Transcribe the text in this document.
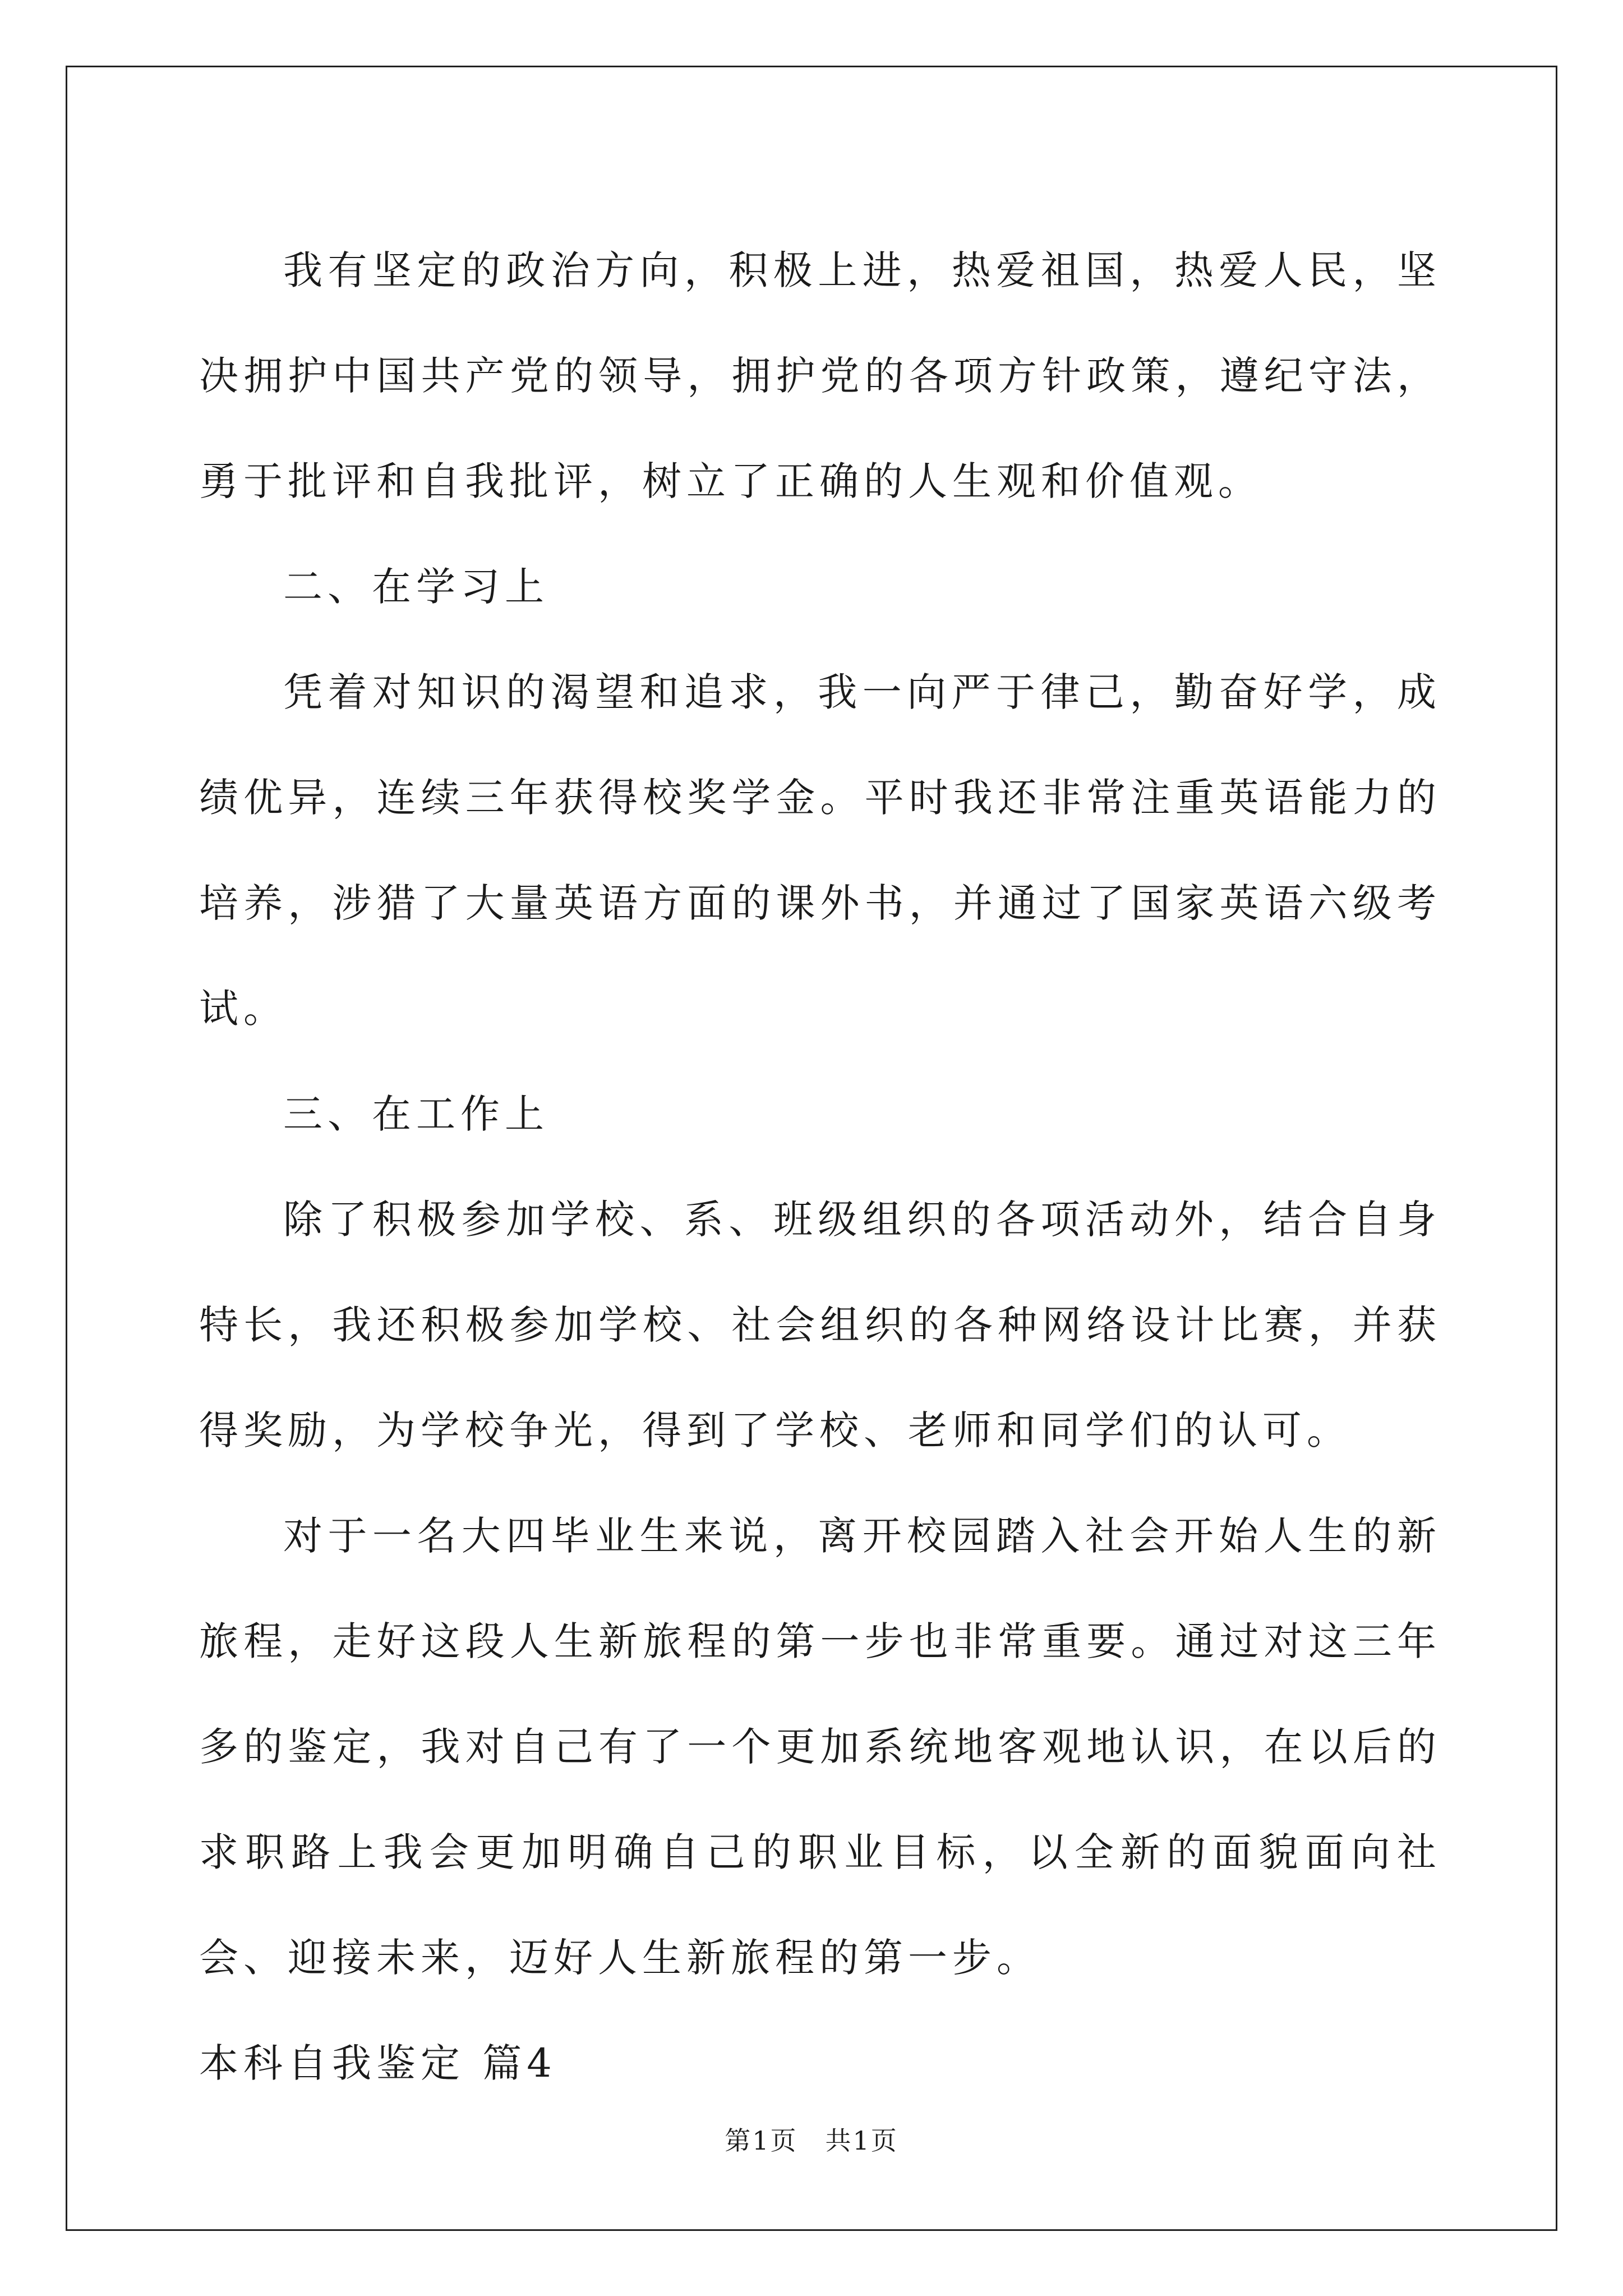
我有坚定的政治方向，积极上进，热爱祖国，热爱人民，坚决拥护中国共产党的领导，拥护党的各项方针政策，遵纪守法，勇于批评和自我批评，树立了正确的人生观和价值观。

二、在学习上

凭着对知识的渴望和追求，我一向严于律己，勤奋好学，成绩优异，连续三年获得校奖学金。平时我还非常注重英语能力的培养，涉猎了大量英语方面的课外书，并通过了国家英语六级考试。

三、在工作上

除了积极参加学校、系、班级组织的各项活动外，结合自身特长，我还积极参加学校、社会组织的各种网络设计比赛，并获得奖励，为学校争光，得到了学校、老师和同学们的认可。

对于一名大四毕业生来说，离开校园踏入社会开始人生的新旅程，走好这段人生新旅程的第一步也非常重要。通过对这三年多的鉴定，我对自己有了一个更加系统地客观地认识，在以后的求职路上我会更加明确自己的职业目标，以全新的面貌面向社会、迎接未来，迈好人生新旅程的第一步。

本科自我鉴定 篇4

第1页　共1页
